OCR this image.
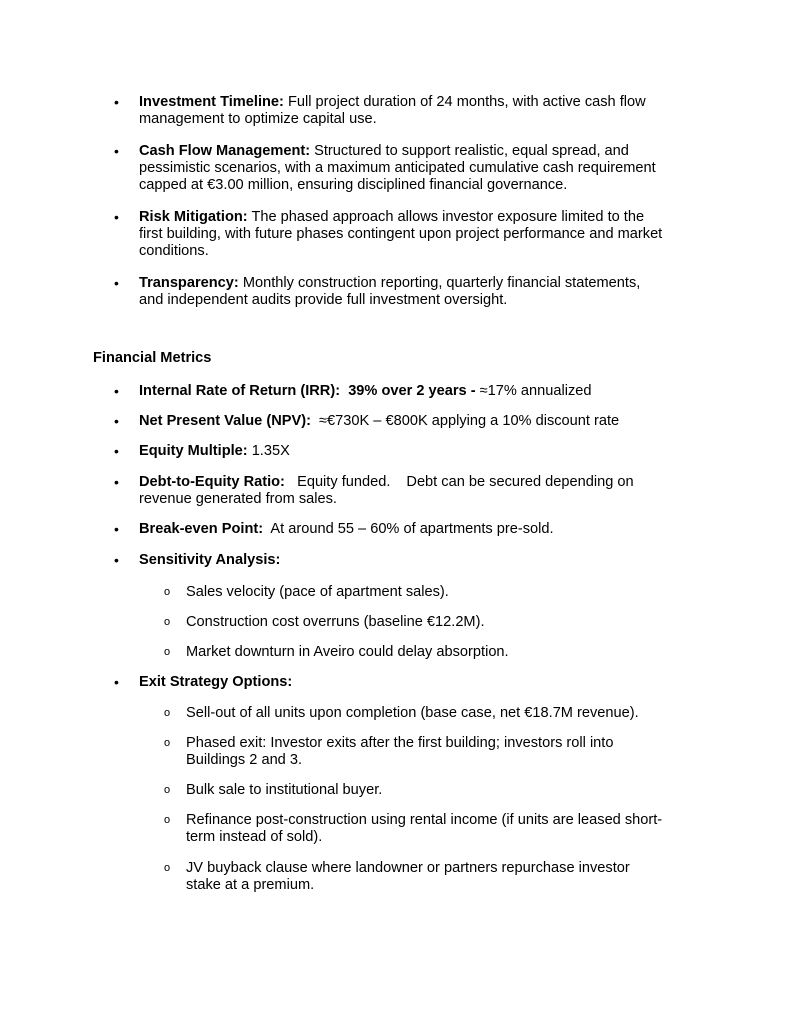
• Investment Timeline: Full project duration of 24 months, with active cash flow
management to optimize capital use.
• Cash Flow Management: Structured to support realistic, equal spread, and
pessimistic scenarios, with a maximum anticipated cumulative cash requirement
capped at €3.00 million, ensuring disciplined financial governance.
• Risk Mitigation: The phased approach allows investor exposure limited to the
first building, with future phases contingent upon project performance and market
conditions.
• Transparency: Monthly construction reporting, quarterly financial statements,
and independent audits provide full investment oversight.
Financial Metrics
• Internal Rate of Return (IRR): 39% over 2 years - ≈17% annualized
• Net Present Value (NPV): ≈€730K – €800K applying a 10% discount rate
• Equity Multiple: 1.35X
• Debt-to-Equity Ratio: Equity funded. Debt can be secured depending on
revenue generated from sales.
• Break-even Point: At around 55 – 60% of apartments pre-sold.
• Sensitivity Analysis:
o Sales velocity (pace of apartment sales).
o Construction cost overruns (baseline €12.2M).
o Market downturn in Aveiro could delay absorption.
• Exit Strategy Options:
o Sell-out of all units upon completion (base case, net €18.7M revenue).
o Phased exit: Investor exits after the first building; investors roll into
Buildings 2 and 3.
o Bulk sale to institutional buyer.
o Refinance post-construction using rental income (if units are leased short-
term instead of sold).
o JV buyback clause where landowner or partners repurchase investor
stake at a premium.
